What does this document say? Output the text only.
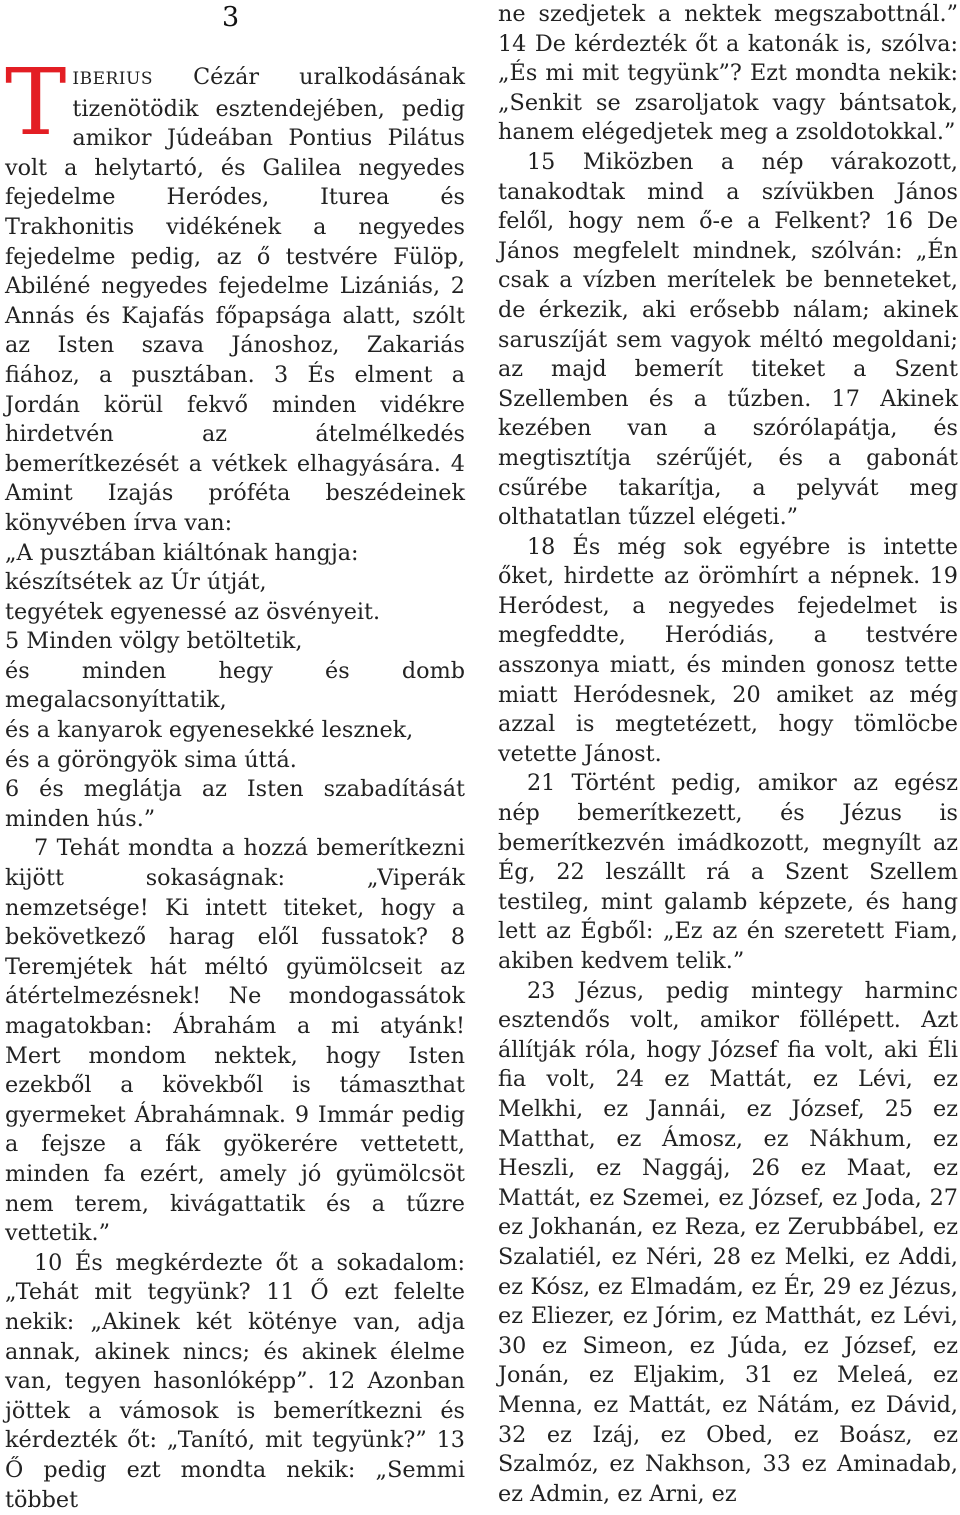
3

TIBERIUS Cézár uralkodásának tizenötödik esztendejében, pedig amikor Júdeában Pontius Pilátus volt a helytartó, és Galilea negyedes fejedelme Heródes, Iturea és Trakhonitis vidékének a negyedes fejedelme pedig, az ő testvére Fülöp, Abiléné negyedes fejedelme Lizániás, 2 Annás és Kajafás főpapsága alatt, szólt az Isten szava Jánoshoz, Zakariás fiához, a pusztában. 3 És elment a Jordán körül fekvő minden vidékre hirdetvén az átelmélkedés bemerítkezését a vétkek elhagyására. 4 Amint Izajás próféta beszédeinek könyvében írva van:

„A pusztában kiáltónak hangja:

készítsétek az Úr útját,

tegyétek egyenessé az ösvényeit.

5 Minden völgy betöltetik,

és minden hegy és domb megalacsonyíttatik,

és a kanyarok egyenesekké lesznek,

és a göröngyök sima úttá.

6 és meglátja az Isten szabadítását minden hús.”

7 Tehát mondta a hozzá bemerítkezni kijött sokaságnak: „Viperák nemzetsége! Ki intett titeket, hogy a bekövetkező harag elől fussatok? 8 Teremjétek hát méltó gyümölcseit az átértelmezésnek! Ne mondogassátok magatokban: Ábrahám a mi atyánk! Mert mondom nektek, hogy Isten ezekből a kövekből is támaszthat gyermeket Ábrahámnak. 9 Immár pedig a fejsze a fák gyökerére vettetett, minden fa ezért, amely jó gyümölcsöt nem terem, kivágattatik és a tűzre vettetik.”

10 És megkérdezte őt a sokadalom: „Tehát mit tegyünk? 11 Ő ezt felelte nekik: „Akinek két köténye van, adja annak, akinek nincs; és akinek élelme van, tegyen hasonlóképp”. 12 Azonban jöttek a vámosok is bemerítkezni és kérdezték őt: „Tanító, mit tegyünk?” 13 Ő pedig ezt mondta nekik: „Semmi többet

ne szedjetek a nektek megszabottnál.” 14 De kérdezték őt a katonák is, szólva: „És mi mit tegyünk”? Ezt mondta nekik: „Senkit se zsaroljatok vagy bántsatok, hanem elégedjetek meg a zsoldotokkal.”

15 Miközben a nép várakozott, tanakodtak mind a szívükben János felől, hogy nem ő-e a Felkent? 16 De János megfelelt mindnek, szólván: „Én csak a vízben merítelek be benneteket, de érkezik, aki erősebb nálam; akinek saruszíját sem vagyok méltó megoldani; az majd bemerít titeket a Szent Szellemben és a tűzben. 17 Akinek kezében van a szórólapátja, és megtisztítja szérűjét, és a gabonát csűrébe takarítja, a pelyvát meg olthatatlan tűzzel elégeti.”

18 És még sok egyébre is intette őket, hirdette az örömhírt a népnek. 19 Heródest, a negyedes fejedelmet is megfeddte, Heródiás, a testvére asszonya miatt, és minden gonosz tette miatt Heródesnek, 20 amiket az még azzal is megtetézett, hogy tömlöcbe vetette Jánost.

21 Történt pedig, amikor az egész nép bemerítkezett, és Jézus is bemerítkezvén imádkozott, megnyílt az Ég, 22 leszállt rá a Szent Szellem testileg, mint galamb képzete, és hang lett az Égből: „Ez az én szeretett Fiam, akiben kedvem telik.”

23 Jézus, pedig mintegy harminc esztendős volt, amikor föllépett. Azt állítják róla, hogy József fia volt, aki Éli fia volt, 24 ez Mattát, ez Lévi, ez Melkhi, ez Jannái, ez József, 25 ez Matthat, ez Ámosz, ez Nákhum, ez Heszli, ez Naggáj, 26 ez Maat, ez Mattát, ez Szemei, ez József, ez Joda, 27 ez Jokhanán, ez Reza, ez Zerubbábel, ez Szalatiél, ez Néri, 28 ez Melki, ez Addi, ez Kósz, ez Elmadám, ez Ér, 29 ez Jézus, ez Eliezer, ez Jórim, ez Matthát, ez Lévi, 30 ez Simeon, ez Júda, ez József, ez Jonán, ez Eljakim, 31 ez Meleá, ez Menna, ez Mattát, ez Nátám, ez Dávid, 32 ez Izáj, ez Obed, ez Boász, ez Szalmóz, ez Nakhson, 33 ez Aminadab, ez Admin, ez Arni, ez
